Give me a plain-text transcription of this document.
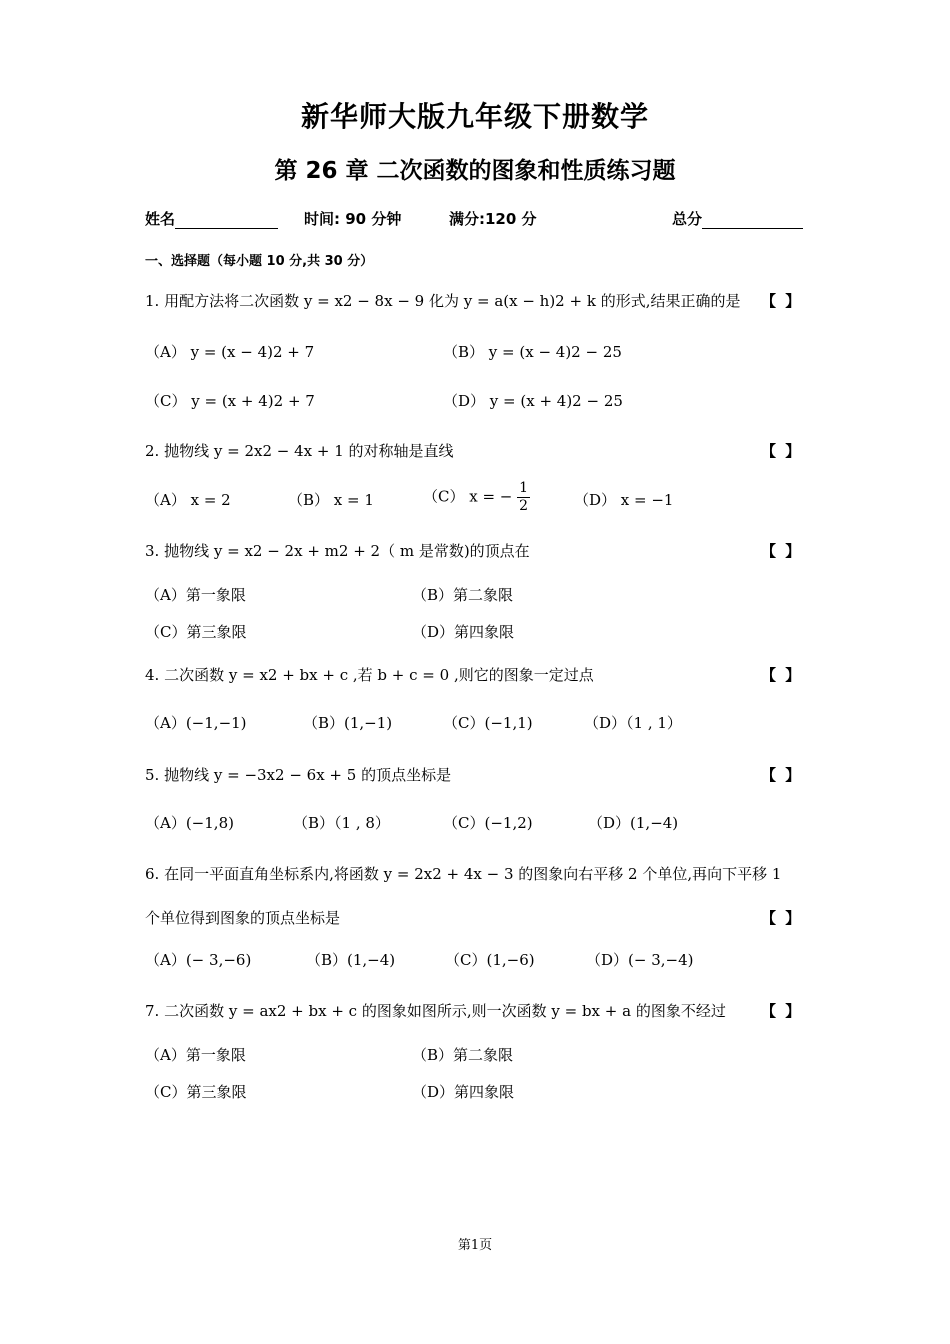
新华师大版九年级下册数学
第 26 章 二次函数的图象和性质练习题
姓名	时间: 90 分钟	满分:120 分	总分
一、选择题（每小题 10 分,共 30 分）
1. 用配方法将二次函数 y = x2 − 8x − 9 化为 y = a(x − h)2 + k 的形式,结果正确的是 【 】
（A） y = (x − 4)2 + 7	（B） y = (x − 4)2 − 25
（C） y = (x + 4)2 + 7	（D） y = (x + 4)2 − 25
2. 抛物线 y = 2x2 − 4x + 1 的对称轴是直线	【 】
（A） x = 2	（B） x = 1	（C） x = − $\frac{1}{2}$	（D） x = −1
3. 抛物线 y = x2 − 2x + m2 + 2（ m 是常数)的顶点在	【 】
（A）第一象限	（B）第二象限
（C）第三象限	（D）第四象限
4. 二次函数 y = x2 + bx + c ,若 b + c = 0 ,则它的图象一定过点	【 】
（A）(−1,−1)	（B）(1,−1)	（C）(−1,1)	（D）（1 , 1）
5. 抛物线 y = −3x2 − 6x + 5 的顶点坐标是	【 】
（A）(−1,8)	（B）（1 , 8）	（C）(−1,2)	（D）(1,−4)
6. 在同一平面直角坐标系内,将函数 y = 2x2 + 4x − 3 的图象向右平移 2 个单位,再向下平移 1
个单位得到图象的顶点坐标是	【 】
（A）(− 3,−6)	（B）(1,−4)	（C）(1,−6)	（D）(− 3,−4)
7. 二次函数 y = ax2 + bx + c 的图象如图所示,则一次函数 y = bx + a 的图象不经过 【 】
（A）第一象限	（B）第二象限
（C）第三象限	（D）第四象限
第1页
